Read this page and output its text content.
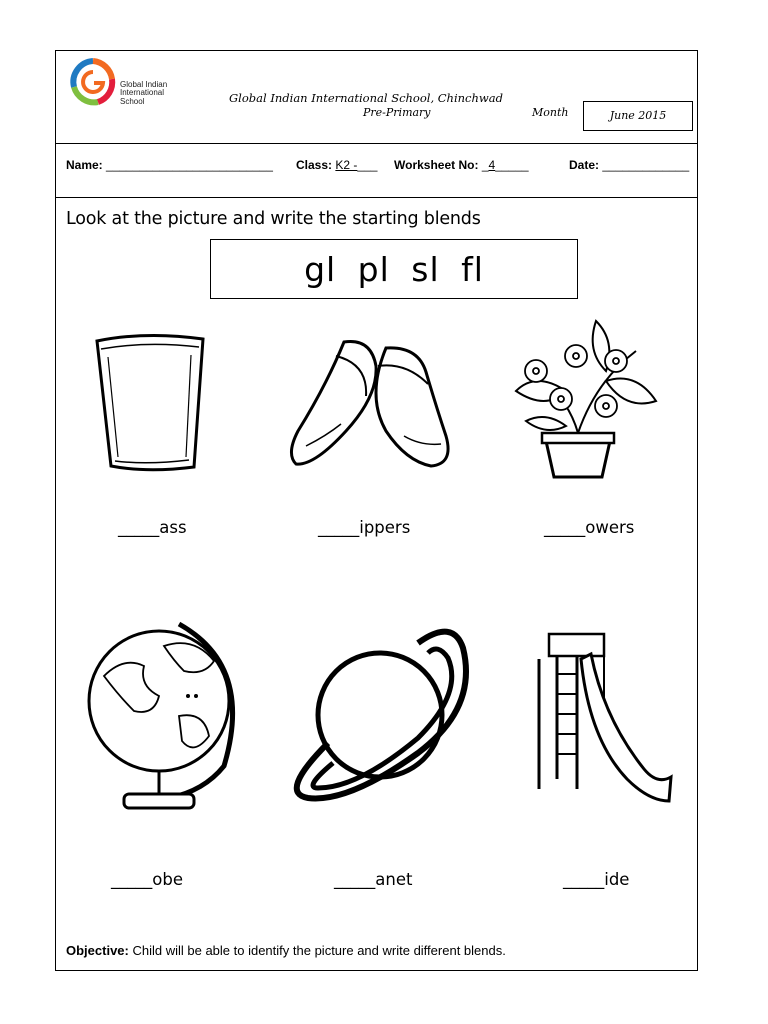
Global Indian International School	Global Indian International School, Chinchwad
Pre-Primary	Month	June 2015
Name: _________________________ Class: K2 -___ Worksheet No: _4_____	Date: _____________
Look at the picture and write the starting blends
gl pl sl fl
_____ass	_____ippers	_____owers
_____obe	_____anet	_____ide
Objective: Child will be able to identify the picture and write different blends.
